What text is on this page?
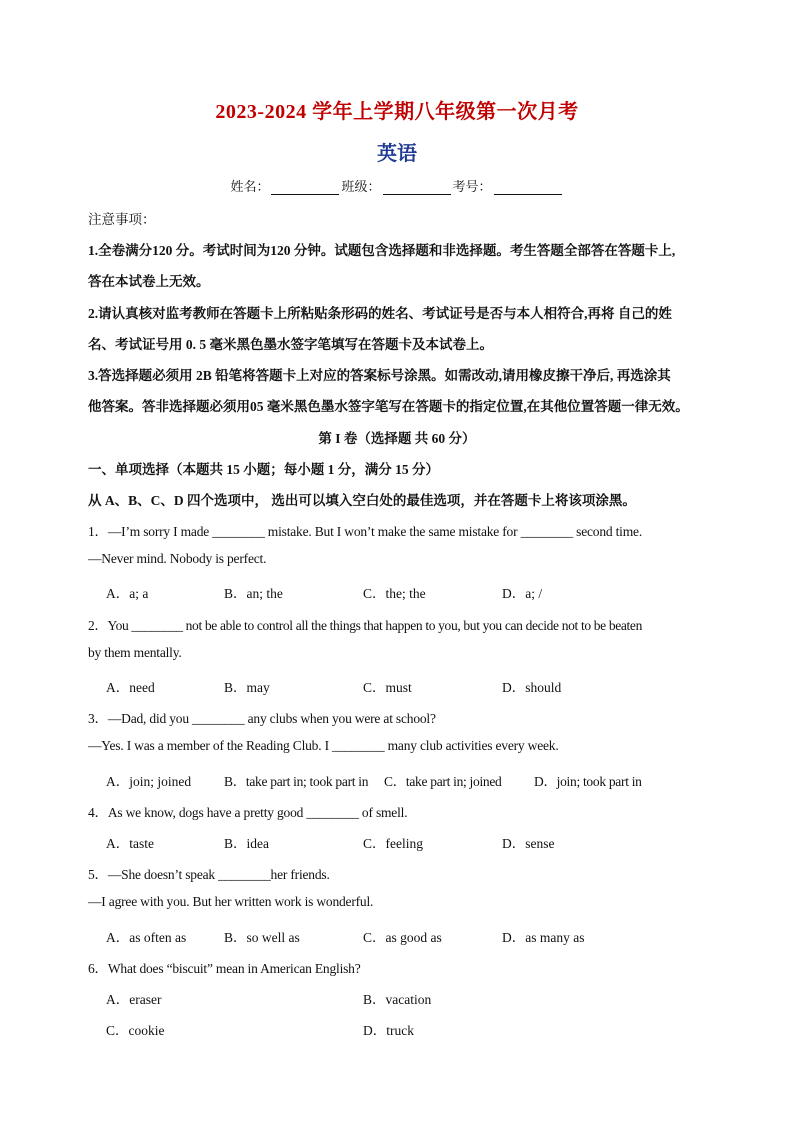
2023-2024 学年上学期八年级第一次月考
英语
姓名：	班级：	考号：
注意事项：
1.全卷满分120 分。考试时间为120 分钟。试题包含选择题和非选择题。考生答题全部答在答题卡上,
答在本试卷上无效。
2.请认真核对监考教师在答题卡上所粘贴条形码的姓名、考试证号是否与本人相符合,再将 自己的姓
名、考试证号用 0. 5 毫米黑色墨水签字笔填写在答题卡及本试卷上。
3.答选择题必须用 2B 铅笔将答题卡上对应的答案标号涂黑。如需改动,请用橡皮擦干净后, 再选涂其
他答案。答非选择题必须用05 毫米黑色墨水签字笔写在答题卡的指定位置,在其他位置答题一律无效。
第 I 卷（选择题 共 60 分）
一、单项选择（本题共 15 小题；每小题 1 分，满分 15 分）
从 A、B、C、D 四个选项中， 选出可以填入空白处的最佳选项，并在答题卡上将该项涂黑。
1．—I’m sorry I made ________ mistake. But I won’t make the same mistake for ________ second time.
—Never mind. Nobody is perfect.
A．a; a	B．an; the	C．the; the	D．a; /
2．You ________ not be able to control all the things that happen to you, but you can decide not to be beaten
by them mentally.
A．need	B．may	C．must	D．should
3．—Dad, did you ________ any clubs when you were at school?
—Yes. I was a member of the Reading Club. I ________ many club activities every week.
A．join; joined B．take part in; took part in C．take part in; joined D．join; took part in
4．As we know, dogs have a pretty good ________ of smell.
A．taste	B．idea	C．feeling	D．sense
5．—She doesn’t speak ________her friends.
—I agree with you. But her written work is wonderful.
A．as often as	B．so well as	C．as good as	D．as many as
6．What does “biscuit” mean in American English?
A．eraser	B．vacation
C．cookie	D．truck
